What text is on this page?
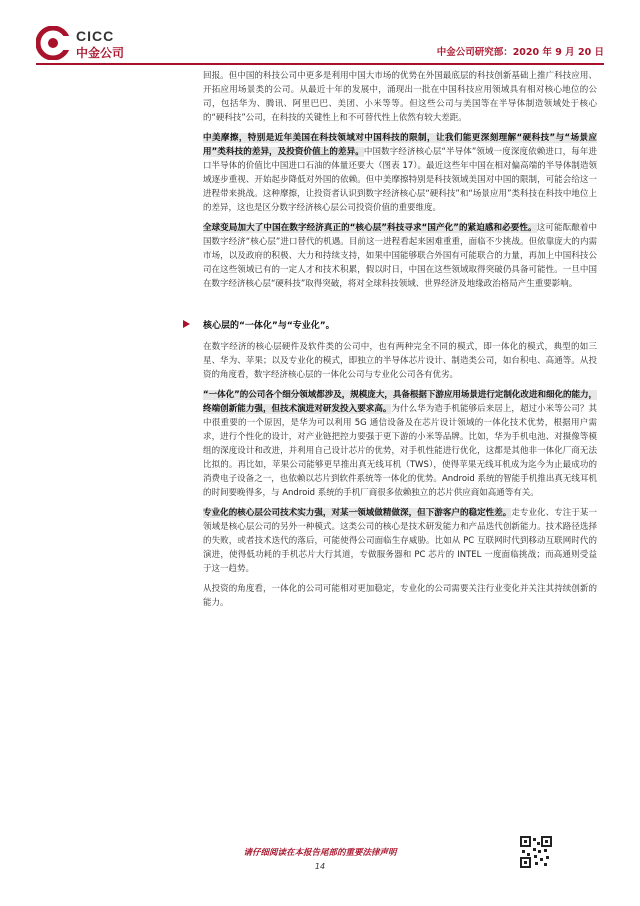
CICC
中金公司	中金公司研究部：2020 年 9 月 20 日

回报。但中国的科技公司中更多是利用中国大市场的优势在外国最底层的科技创新基础上推广科技应用、开拓应用场景类的公司。从最近十年的发展中，涌现出一批在中国科技应用领域具有相对核心地位的公司，包括华为、腾讯、阿里巴巴、美团、小米等等。但这些公司与美国等在半导体制造领域处于核心的“硬科技”公司，在科技的关键性上和不可替代性上依然有较大差距。

中美摩擦，特别是近年美国在科技领域对中国科技的限制，让我们能更深刻理解“硬科技”与“场景应用”类科技的差异，及投资价值上的差异。中国数字经济核心层“半导体”领域一度深度依赖进口，每年进口半导体的价值比中国进口石油的体量还要大（图表 17）。最近这些年中国在相对偏高端的半导体制造领域逐步重视、开始起步降低对外国的依赖。但中美摩擦特别是科技领域美国对中国的限制，可能会给这一进程带来挑战。这种摩擦，让投资者认识到数字经济核心层“硬科技”和“场景应用”类科技在科技中地位上的差异，这也是区分数字经济核心层公司投资价值的重要维度。

全球变局加大了中国在数字经济真正的“核心层”科技寻求“国产化”的紧迫感和必要性。这可能酝酿着中国数字经济“核心层”进口替代的机遇。目前这一进程看起来困难重重，面临不少挑战。但依靠庞大的内需市场，以及政府的积极、大力和持续支持，如果中国能够联合外国有可能联合的力量，再加上中国科技公司在这些领域已有的一定人才和技术积累，假以时日，中国在这些领域取得突破仍具备可能性。一旦中国在数字经济核心层“硬科技”取得突破，将对全球科技领域、世界经济及地缘政治格局产生重要影响。

核心层的“一体化”与“专业化”。

在数字经济的核心层硬件及软件类的公司中，也有两种完全不同的模式，即一体化的模式，典型的如三星、华为、苹果；以及专业化的模式，即独立的半导体芯片设计、制造类公司，如台积电、高通等。从投资的角度看，数字经济核心层的一体化公司与专业化公司各有优劣。

“一体化”的公司各个细分领域都涉及，规模庞大，具备根据下游应用场景进行定制化改进和细化的能力，终端创新能力强，但技术演进对研发投入要求高。为什么华为造手机能够后来居上，超过小米等公司？其中很重要的一个原因，是华为可以利用 5G 通信设备及在芯片设计领域的一体化技术优势，根据用户需求，进行个性化的设计，对产业链把控力要强于更下游的小米等品牌。比如，华为手机电池、对摄像等模组的深度设计和改进，并利用自己设计芯片的优势，对手机性能进行优化，这都是其他非一体化厂商无法比拟的。再比如，苹果公司能够更早推出真无线耳机（TWS），使得苹果无线耳机成为迄今为止最成功的消费电子设备之一，也依赖以芯片到软件系统等一体化的优势。Android 系统的智能手机推出真无线耳机的时间要晚得多，与 Android 系统的手机厂商很多依赖独立的芯片供应商如高通等有关。

专业化的核心层公司技术实力强，对某一领域做精做深，但下游客户的稳定性差。走专业化、专注于某一领域是核心层公司的另外一种模式。这类公司的核心是技术研发能力和产品迭代创新能力。技术路径选择的失败，或者技术迭代的落后，可能使得公司面临生存威胁。比如从 PC 互联网时代到移动互联网时代的演进，使得低功耗的手机芯片大行其道，专做服务器和 PC 芯片的 INTEL 一度面临挑战；而高通则受益于这一趋势。

从投资的角度看，一体化的公司可能相对更加稳定，专业化的公司需要关注行业变化并关注其持续创新的能力。

请仔细阅读在本报告尾部的重要法律声明
14
